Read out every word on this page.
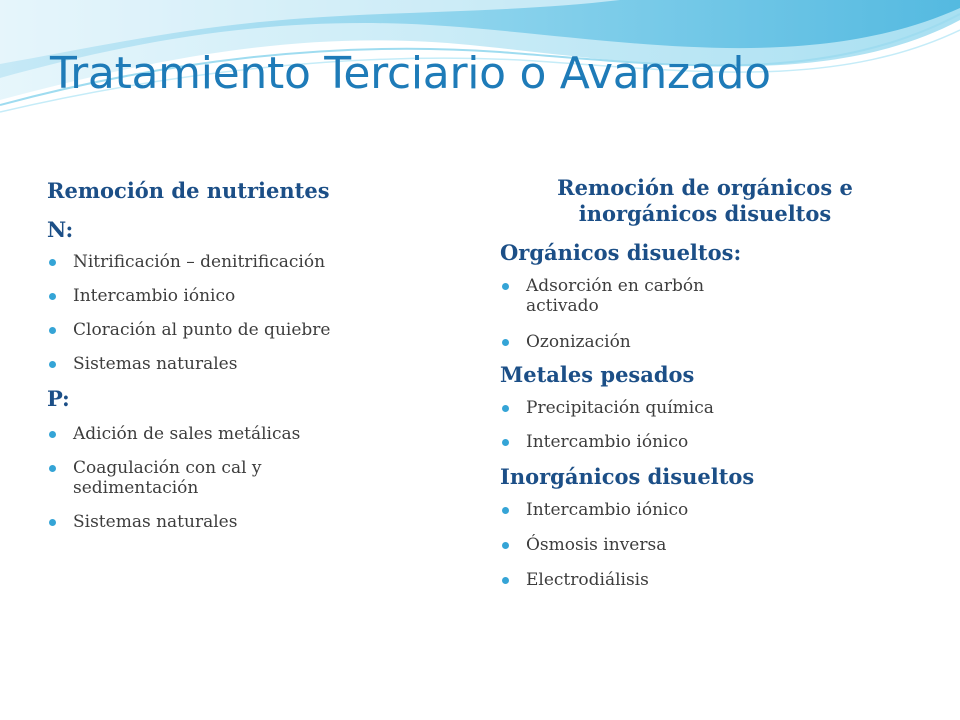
Tratamiento Terciario o Avanzado

Remoción de nutrientes

N:

Nitrificación – denitrificación
Intercambio iónico
Cloración al punto de quiebre
Sistemas naturales

P:

Adición de sales metálicas
Coagulación con cal y sedimentación
Sistemas naturales

Remoción de orgánicos e inorgánicos disueltos

Orgánicos disueltos:

Adsorción en carbón activado
Ozonización

Metales pesados

Precipitación química
Intercambio iónico

Inorgánicos disueltos

Intercambio iónico
Ósmosis inversa
Electrodiálisis
